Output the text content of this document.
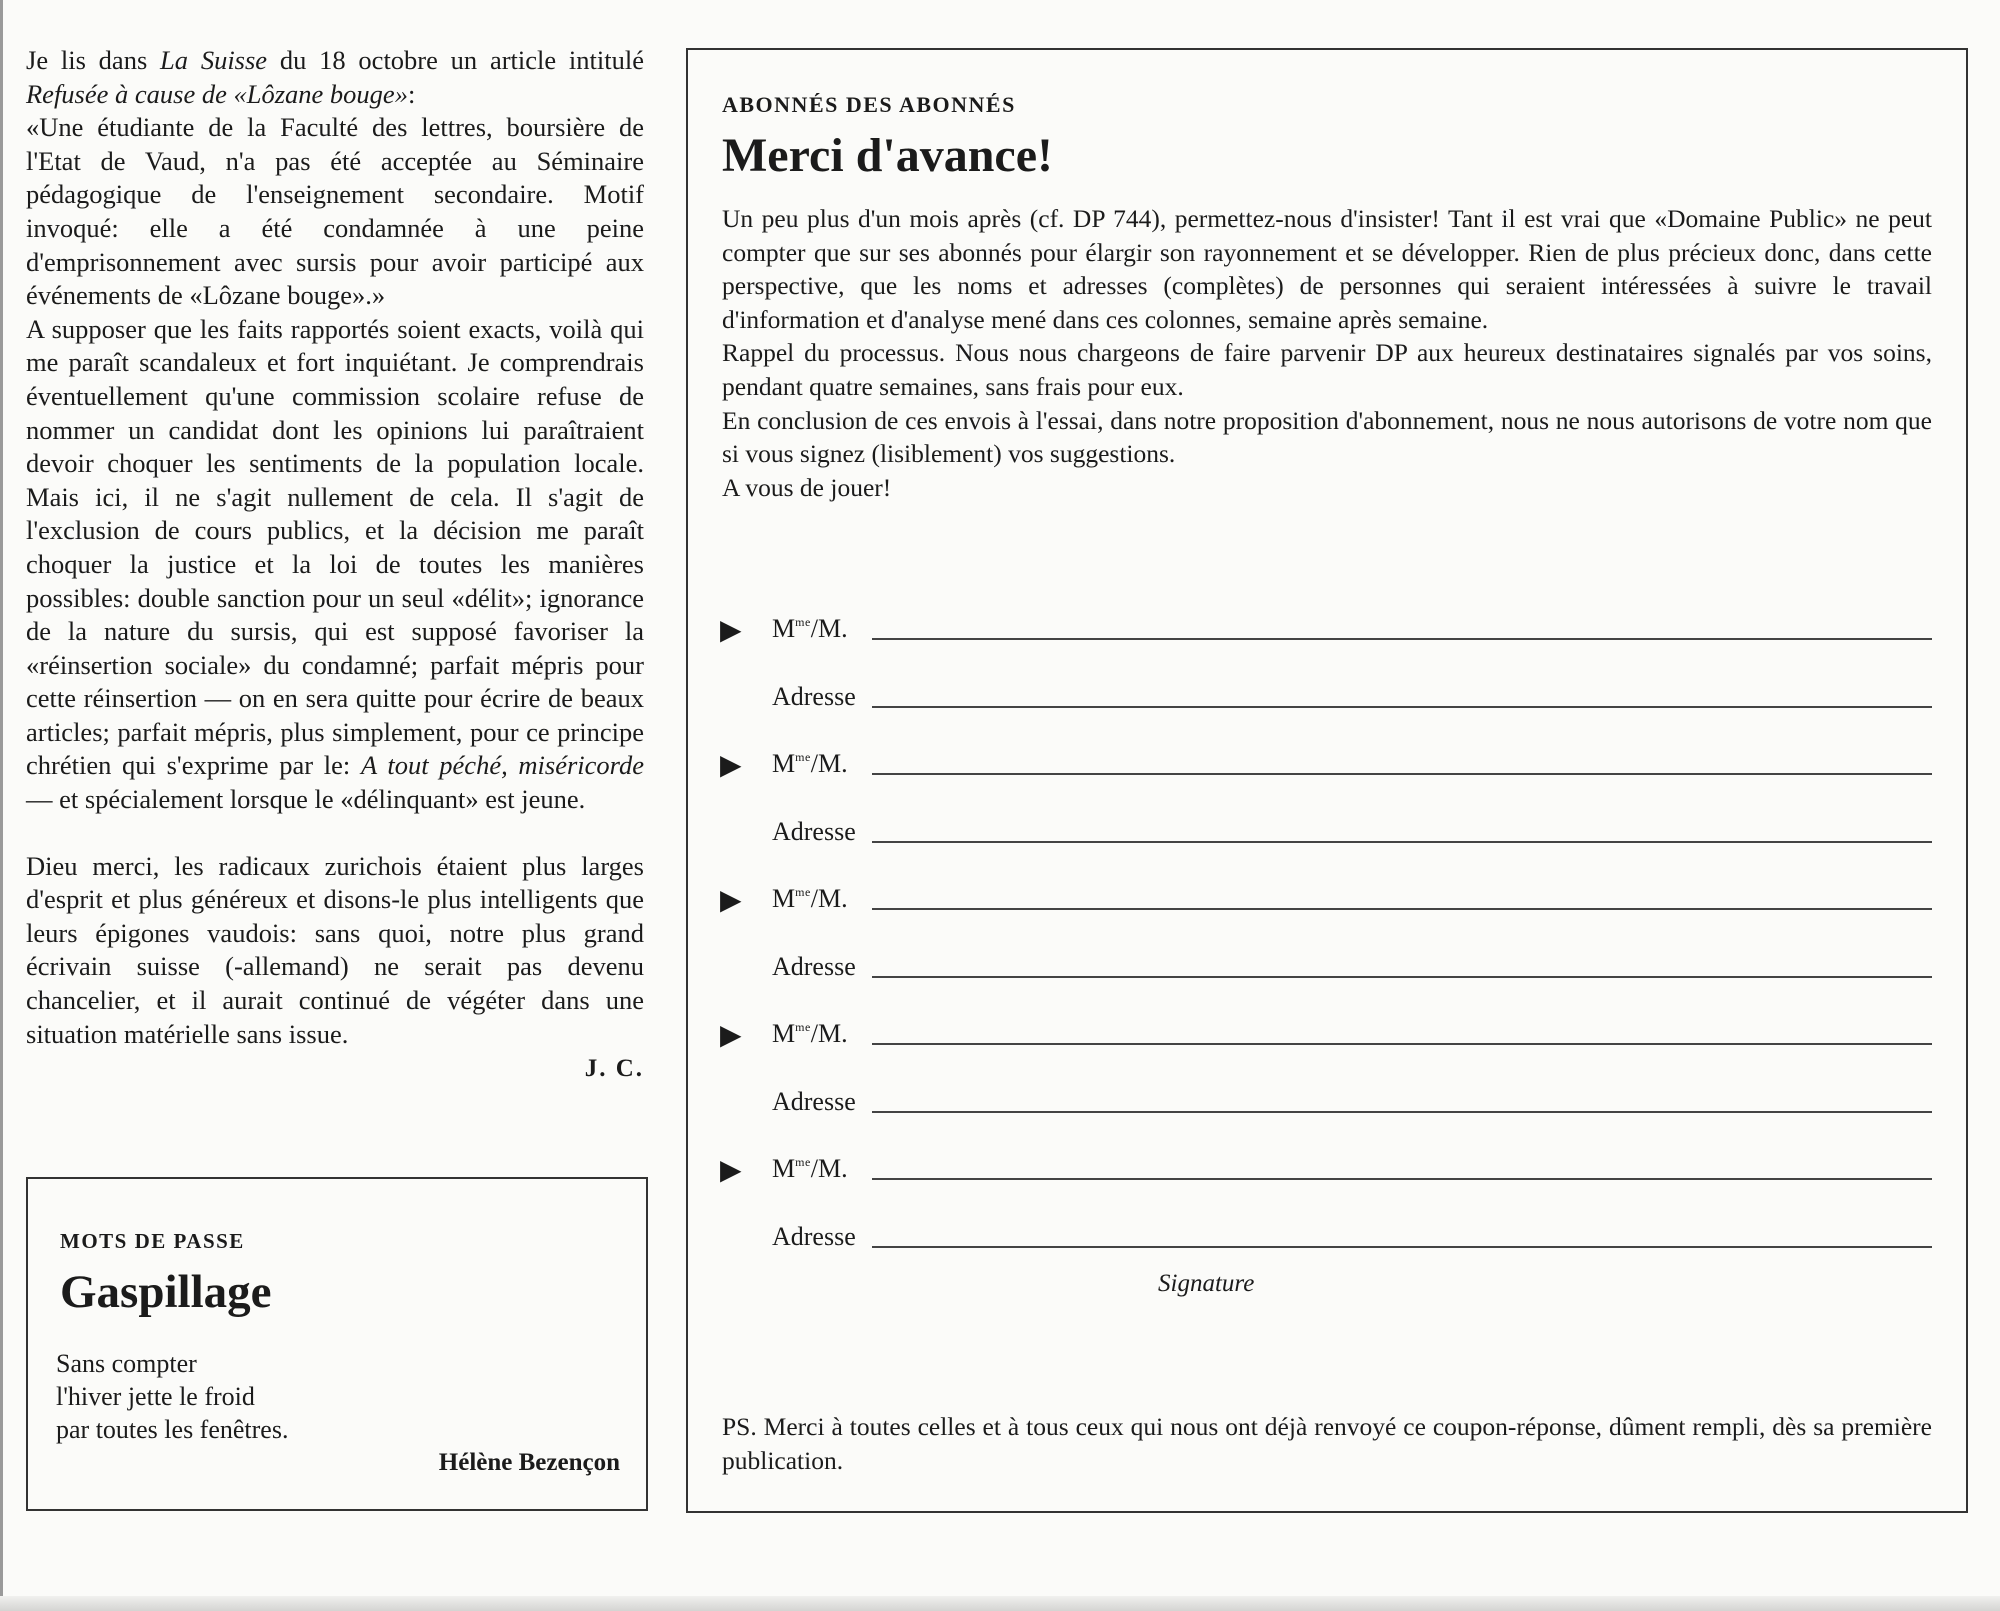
Je lis dans La Suisse du 18 octobre un article intitulé Refusée à cause de «Lôzane bouge»:

«Une étudiante de la Faculté des lettres, boursière de l'Etat de Vaud, n'a pas été acceptée au Séminaire pédagogique de l'enseignement secondaire. Motif invoqué: elle a été condamnée à une peine d'emprisonnement avec sursis pour avoir participé aux événements de «Lôzane bouge».»

A supposer que les faits rapportés soient exacts, voilà qui me paraît scandaleux et fort inquiétant. Je comprendrais éventuellement qu'une commission scolaire refuse de nommer un candidat dont les opinions lui paraîtraient devoir choquer les sentiments de la population locale. Mais ici, il ne s'agit nullement de cela. Il s'agit de l'exclusion de cours publics, et la décision me paraît choquer la justice et la loi de toutes les manières possibles: double sanction pour un seul «délit»; ignorance de la nature du sursis, qui est supposé favoriser la «réinsertion sociale» du condamné; parfait mépris pour cette réinsertion — on en sera quitte pour écrire de beaux articles; parfait mépris, plus simplement, pour ce principe chrétien qui s'exprime par le: A tout péché, miséricorde — et spécialement lorsque le «délinquant» est jeune.

Dieu merci, les radicaux zurichois étaient plus larges d'esprit et plus généreux et disons-le plus intelligents que leurs épigones vaudois: sans quoi, notre plus grand écrivain suisse (-allemand) ne serait pas devenu chancelier, et il aurait continué de végéter dans une situation matérielle sans issue.

J. C.

MOTS DE PASSE
Gaspillage
Sans compter
l'hiver jette le froid
par toutes les fenêtres.
Hélène Bezençon
ABONNÉS DES ABONNÉS
Merci d'avance!

Un peu plus d'un mois après (cf. DP 744), permettez-nous d'insister! Tant il est vrai que «Domaine Public» ne peut compter que sur ses abonnés pour élargir son rayonnement et se développer. Rien de plus précieux donc, dans cette perspective, que les noms et adresses (complètes) de personnes qui seraient intéressées à suivre le travail d'information et d'analyse mené dans ces colonnes, semaine après semaine.

Rappel du processus. Nous nous chargeons de faire parvenir DP aux heureux destinataires signalés par vos soins, pendant quatre semaines, sans frais pour eux.

En conclusion de ces envois à l'essai, dans notre proposition d'abonnement, nous ne nous autorisons de votre nom que si vous signez (lisiblement) vos suggestions.

A vous de jouer!

▶ $M^{me}/M$.
Adresse
▶ $M^{me}/M$.
Adresse
▶ $M^{me}/M$.
Adresse
▶ $M^{me}/M$.
Adresse
▶ $M^{me}/M$.
Adresse
Signature
PS. Merci à toutes celles et à tous ceux qui nous ont déjà renvoyé ce coupon-réponse, dûment rempli, dès sa première publication.
